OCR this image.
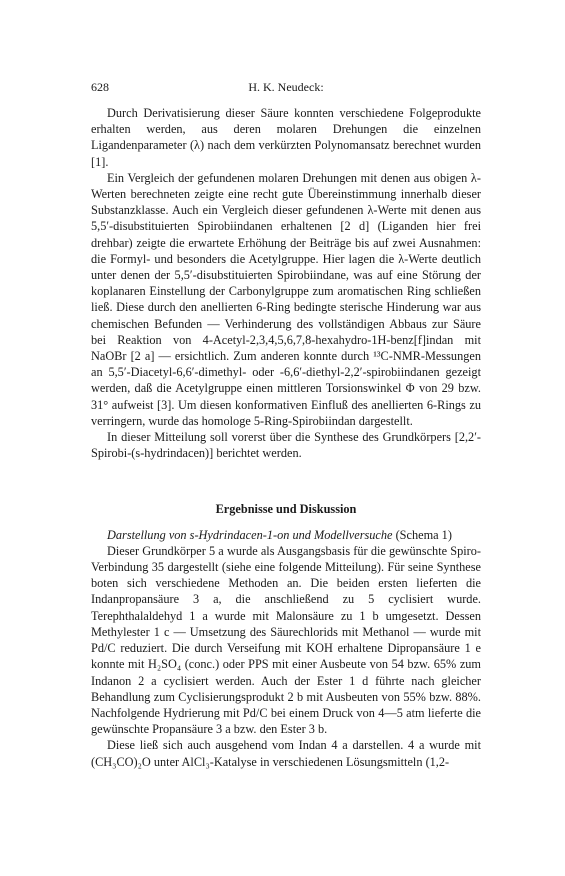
628	H. K. Neudeck:

Durch Derivatisierung dieser Säure konnten verschiedene Folgeprodukte erhalten werden, aus deren molaren Drehungen die einzelnen Ligandenparameter (λ) nach dem verkürzten Polynomansatz berechnet wurden [1].

Ein Vergleich der gefundenen molaren Drehungen mit denen aus obigen λ-Werten berechneten zeigte eine recht gute Übereinstimmung innerhalb dieser Substanzklasse. Auch ein Vergleich dieser gefundenen λ-Werte mit denen aus 5,5′-disubstituierten Spirobiindanen erhaltenen [2 d] (Liganden hier frei drehbar) zeigte die erwartete Erhöhung der Beiträge bis auf zwei Ausnahmen: die Formyl- und besonders die Acetylgruppe. Hier lagen die λ-Werte deutlich unter denen der 5,5′-disubstituierten Spirobiindane, was auf eine Störung der koplanaren Einstellung der Carbonylgruppe zum aromatischen Ring schließen ließ. Diese durch den anellierten 6-Ring bedingte sterische Hinderung war aus chemischen Befunden — Verhinderung des vollständigen Abbaus zur Säure bei Reaktion von 4-Acetyl-2,3,4,5,6,7,8-hexahydro-1H-benz[f]indan mit NaOBr [2 a] — ersichtlich. Zum anderen konnte durch ¹³C-NMR-Messungen an 5,5′-Diacetyl-6,6′-dimethyl- oder -6,6′-diethyl-2,2′-spirobiindanen gezeigt werden, daß die Acetylgruppe einen mittleren Torsionswinkel Φ von 29 bzw. 31° aufweist [3]. Um diesen konformativen Einfluß des anellierten 6-Rings zu verringern, wurde das homologe 5-Ring-Spirobiindan dargestellt.

In dieser Mitteilung soll vorerst über die Synthese des Grundkörpers [2,2′-Spirobi-(s-hydrindacen)] berichtet werden.

Ergebnisse und Diskussion

Darstellung von s-Hydrindacen-1-on und Modellversuche (Schema 1)

Dieser Grundkörper 5 a wurde als Ausgangsbasis für die gewünschte Spiro-Verbindung 35 dargestellt (siehe eine folgende Mitteilung). Für seine Synthese boten sich verschiedene Methoden an. Die beiden ersten lieferten die Indanpropansäure 3 a, die anschließend zu 5 cyclisiert wurde. Terephthalaldehyd 1 a wurde mit Malonsäure zu 1 b umgesetzt. Dessen Methylester 1 c — Umsetzung des Säurechlorids mit Methanol — wurde mit Pd/C reduziert. Die durch Verseifung mit KOH erhaltene Dipropansäure 1 e konnte mit H₂SO₄ (conc.) oder PPS mit einer Ausbeute von 54 bzw. 65% zum Indanon 2 a cyclisiert werden. Auch der Ester 1 d führte nach gleicher Behandlung zum Cyclisierungsprodukt 2 b mit Ausbeuten von 55% bzw. 88%. Nachfolgende Hydrierung mit Pd/C bei einem Druck von 4—5 atm lieferte die gewünschte Propansäure 3 a bzw. den Ester 3 b.

Diese ließ sich auch ausgehend vom Indan 4 a darstellen. 4 a wurde mit (CH₃CO)₂O unter AlCl₃-Katalyse in verschiedenen Lösungsmitteln (1,2-
